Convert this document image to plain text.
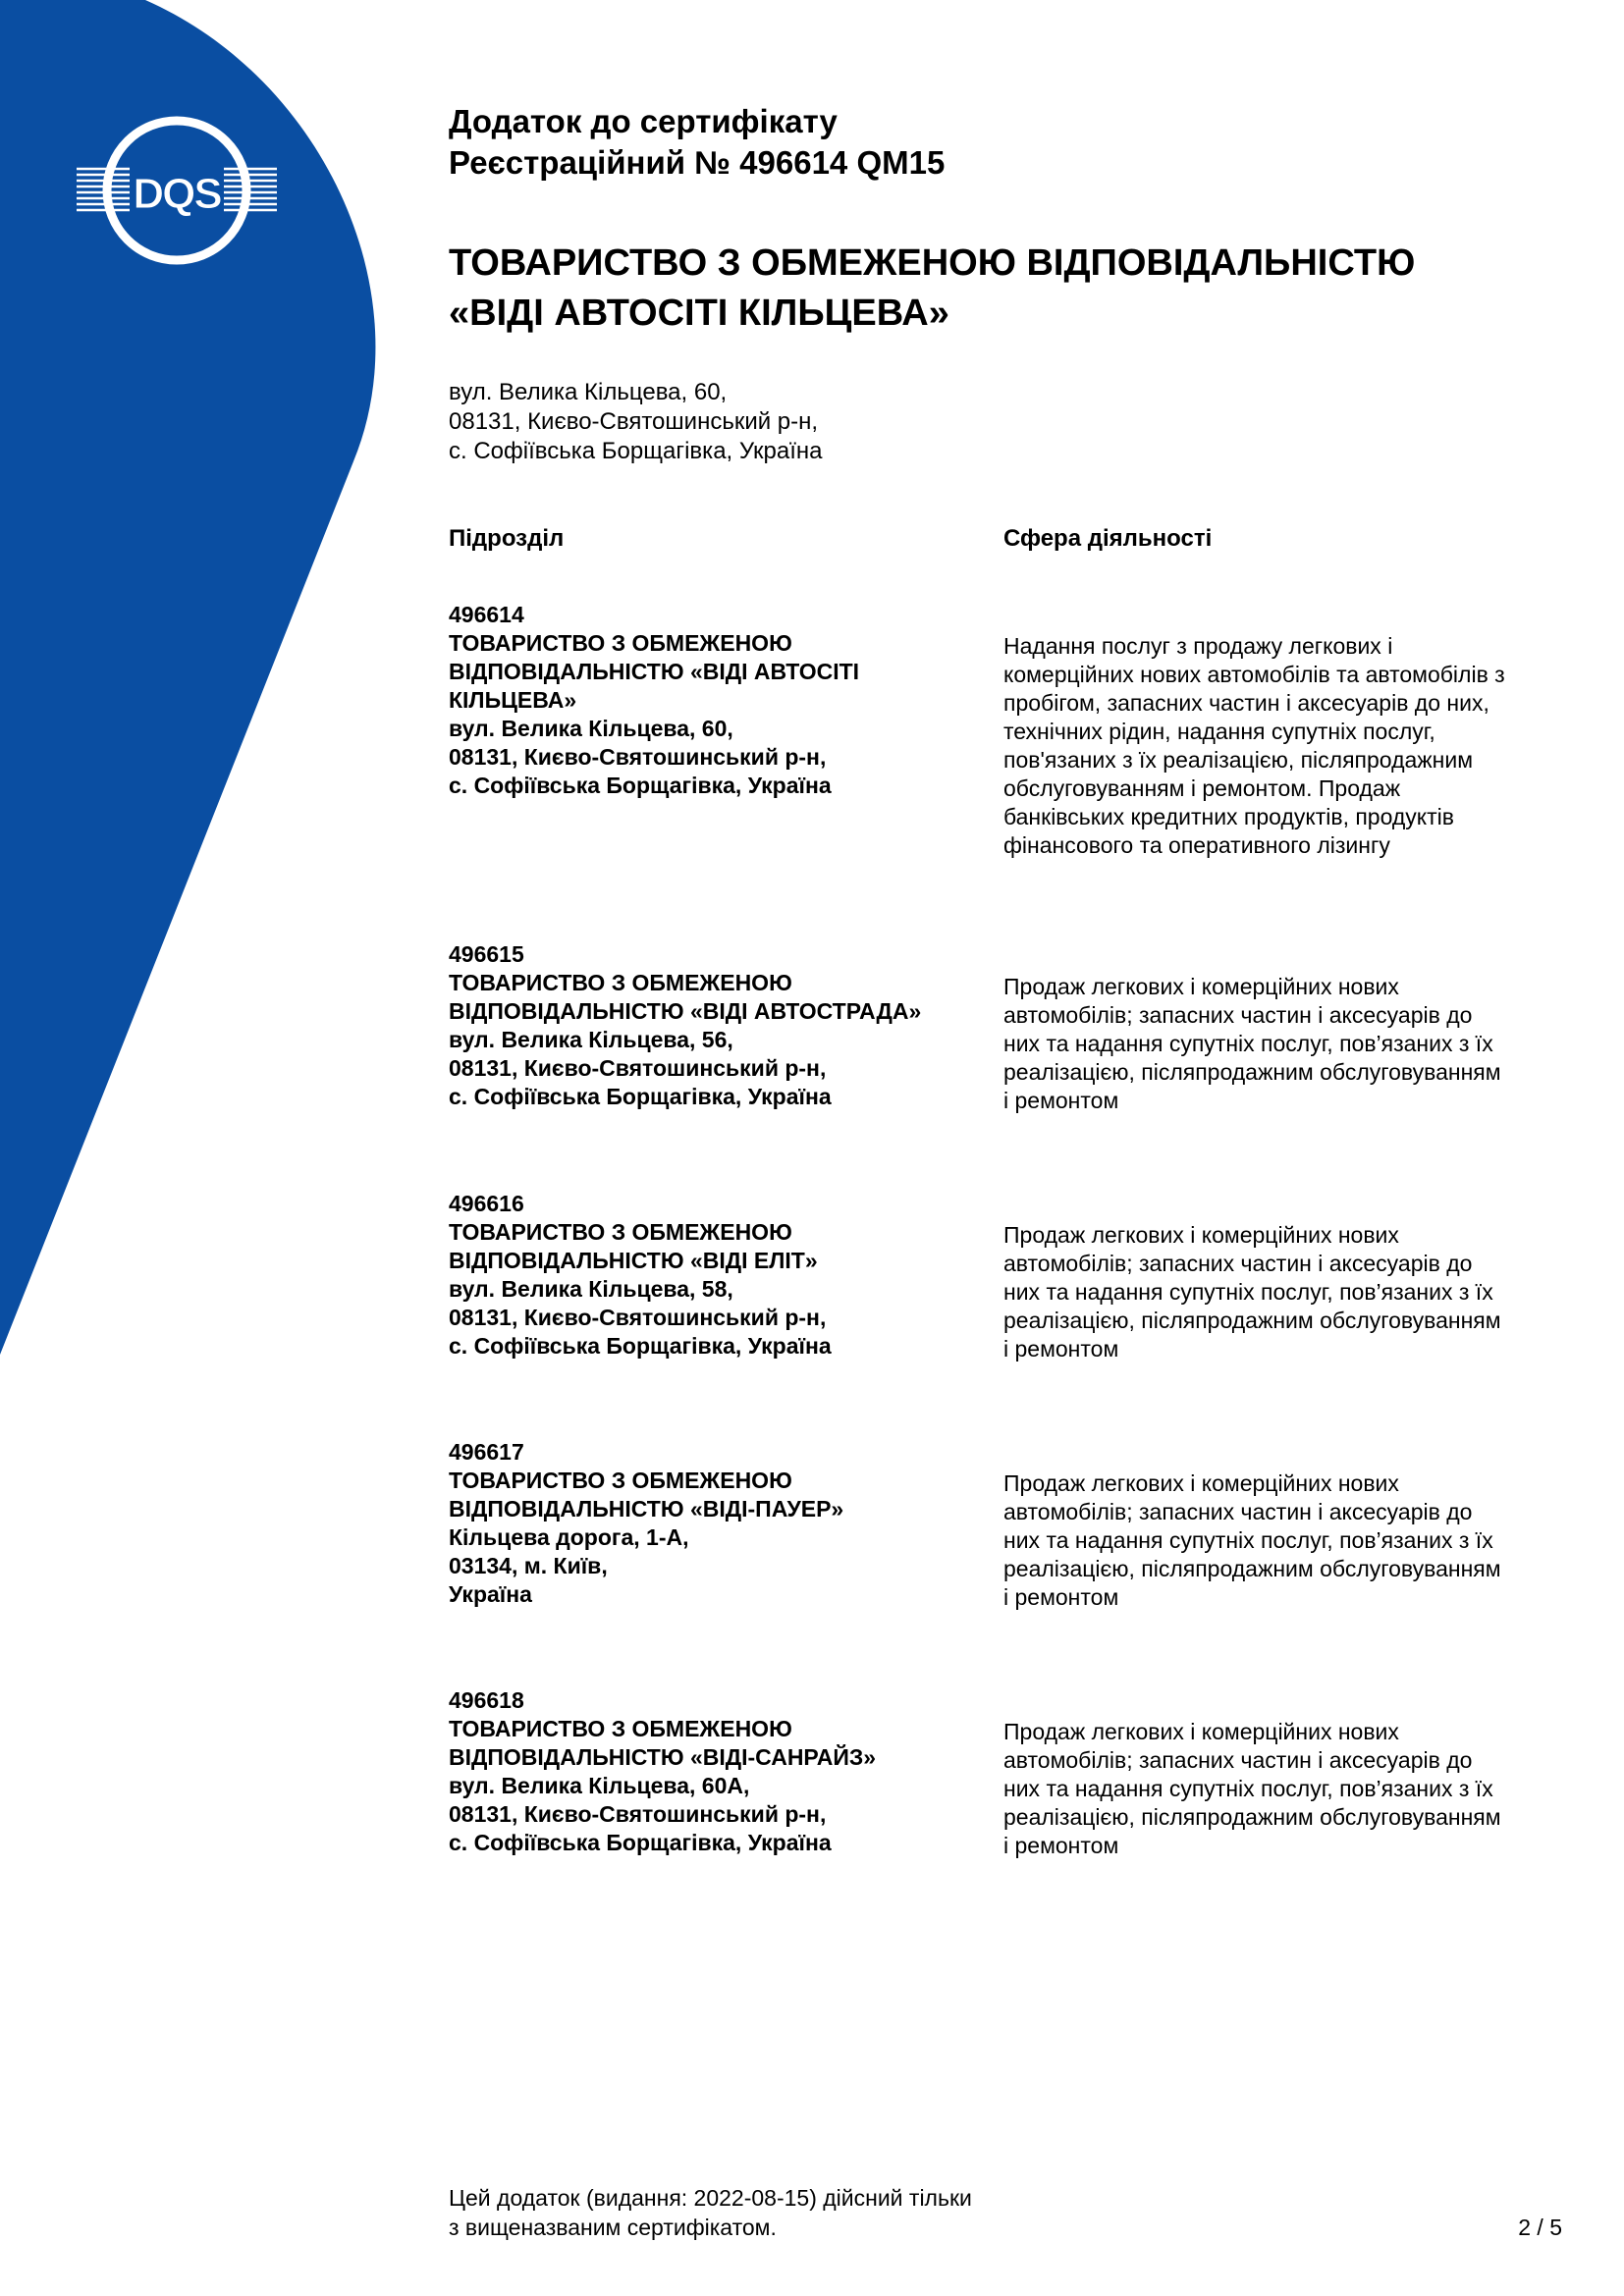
DQS
Додаток до сертифікату
Реєстраційний № 496614 QM15
ТОВАРИСТВО З ОБМЕЖЕНОЮ ВІДПОВІДАЛЬНІСТЮ
«ВІДІ АВТОСІТІ КІЛЬЦЕВА»
вул. Велика Кільцева, 60,
08131, Києво-Святошинський р-н,
с. Софіївська Борщагівка, Україна
Підрозділ	Сфера діяльності
496614
ТОВАРИСТВО З ОБМЕЖЕНОЮ
ВІДПОВІДАЛЬНІСТЮ «ВІДІ АВТОСІТІ
КІЛЬЦЕВА»
вул. Велика Кільцева, 60,
08131, Києво-Святошинський р-н,
с. Софіївська Борщагівка, Україна
Надання послуг з продажу легкових і
комерційних нових автомобілів та автомобілів з
пробігом, запасних частин і аксесуарів до них,
технічних рідин, надання супутніх послуг,
пов'язаних з їх реалізацією, післяпродажним
обслуговуванням і ремонтом. Продаж
банківських кредитних продуктів, продуктів
фінансового та оперативного лізингу
496615
ТОВАРИСТВО З ОБМЕЖЕНОЮ
ВІДПОВІДАЛЬНІСТЮ «ВІДІ АВТОСТРАДА»
вул. Велика Кільцева, 56,
08131, Києво-Святошинський р-н,
с. Софіївська Борщагівка, Україна
Продаж легкових і комерційних нових
автомобілів; запасних частин і аксесуарів до
них та надання супутніх послуг, пов’язаних з їх
реалізацією, післяпродажним обслуговуванням
і ремонтом
496616
ТОВАРИСТВО З ОБМЕЖЕНОЮ
ВІДПОВІДАЛЬНІСТЮ «ВІДІ ЕЛІТ»
вул. Велика Кільцева, 58,
08131, Києво-Святошинський р-н,
с. Софіївська Борщагівка, Україна
Продаж легкових і комерційних нових
автомобілів; запасних частин і аксесуарів до
них та надання супутніх послуг, пов’язаних з їх
реалізацією, післяпродажним обслуговуванням
і ремонтом
496617
ТОВАРИСТВО З ОБМЕЖЕНОЮ
ВІДПОВІДАЛЬНІСТЮ «ВІДІ-ПАУЕР»
Кільцева дорога, 1-А,
03134, м. Київ,
Україна
Продаж легкових і комерційних нових
автомобілів; запасних частин і аксесуарів до
них та надання супутніх послуг, пов’язаних з їх
реалізацією, післяпродажним обслуговуванням
і ремонтом
496618
ТОВАРИСТВО З ОБМЕЖЕНОЮ
ВІДПОВІДАЛЬНІСТЮ «ВІДІ-САНРАЙЗ»
вул. Велика Кільцева, 60А,
08131, Києво-Святошинський р-н,
с. Софіївська Борщагівка, Україна
Продаж легкових і комерційних нових
автомобілів; запасних частин і аксесуарів до
них та надання супутніх послуг, пов’язаних з їх
реалізацією, післяпродажним обслуговуванням
і ремонтом
Цей додаток (видання: 2022-08-15) дійсний тільки
з вищеназваним сертифікатом.	2 / 5
